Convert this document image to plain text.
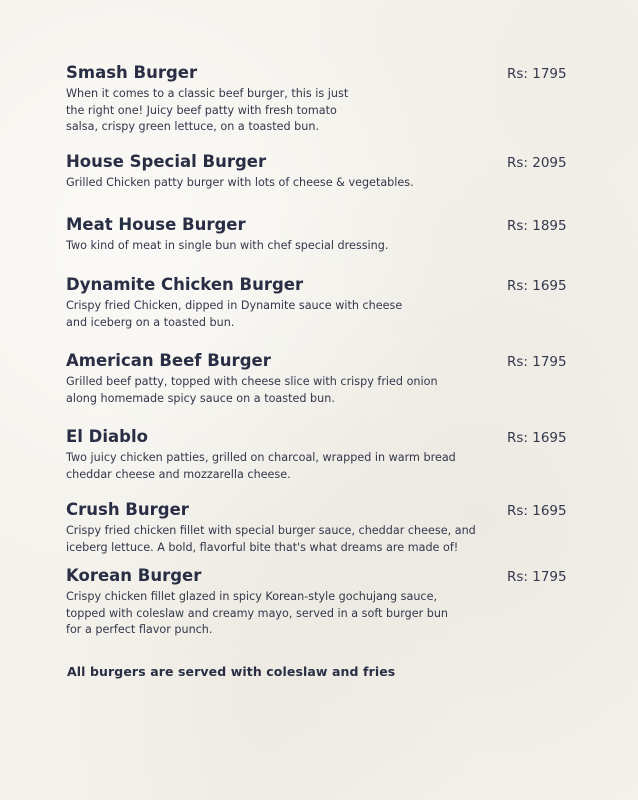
Smash Burger	Rs: 1795
When it comes to a classic beef burger, this is just the right one! Juicy beef patty with fresh tomato salsa, crispy green lettuce, on a toasted bun.
House Special Burger	Rs: 2095
Grilled Chicken patty burger with lots of cheese & vegetables.
Meat House Burger	Rs: 1895
Two kind of meat in single bun with chef special dressing.
Dynamite Chicken Burger	Rs: 1695
Crispy fried Chicken, dipped in Dynamite sauce with cheese and iceberg on a toasted bun.
American Beef Burger	Rs: 1795
Grilled beef patty, topped with cheese slice with crispy fried onion along homemade spicy sauce on a toasted bun.
El Diablo	Rs: 1695
Two juicy chicken patties, grilled on charcoal, wrapped in warm bread cheddar cheese and mozzarella cheese.
Crush Burger	Rs: 1695
Crispy fried chicken fillet with special burger sauce, cheddar cheese, and iceberg lettuce. A bold, flavorful bite that's what dreams are made of!
Korean Burger	Rs: 1795
Crispy chicken fillet glazed in spicy Korean-style gochujang sauce, topped with coleslaw and creamy mayo, served in a soft burger bun for a perfect flavor punch.
All burgers are served with coleslaw and fries
